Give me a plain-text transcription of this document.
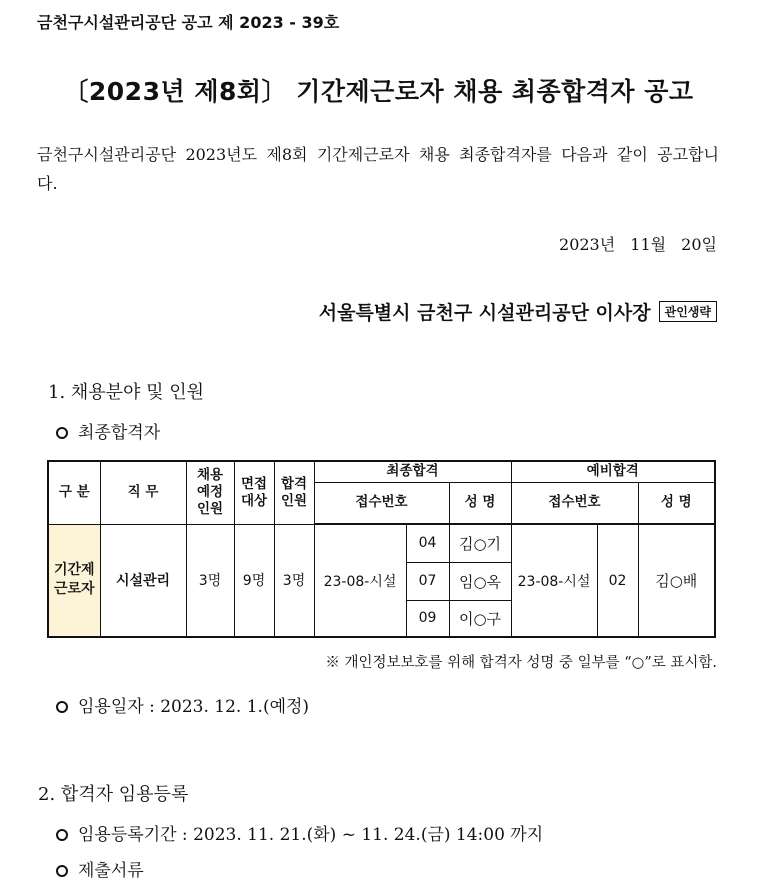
금천구시설관리공단 공고 제 2023 - 39호
〔2023년 제8회〕 기간제근로자 채용 최종합격자 공고
금천구시설관리공단 2023년도 제8회 기간제근로자 채용 최종합격자를 다음과 같이 공고합니다.
2023년 11월 20일
서울특별시 금천구 시설관리공단 이사장 관인생략
1. 채용분야 및 인원
최종합격자
구 분	직 무	채용 예정 인원	면접 대상	합격 인원	최종합격			예비합격		
					접수번호		성 명	접수번호		성 명
기간제 근로자	시설관리	3명	9명	3명	23-08-시설	04	김○기	23-08-시설	02	김○배
						07	임○옥			
						09	이○구			
※ 개인정보보호를 위해 합격자 성명 중 일부를 “○”로 표시함.
임용일자 : 2023. 12. 1.(예정)
2. 합격자 임용등록
임용등록기간 : 2023. 11. 21.(화) ~ 11. 24.(금) 14:00 까지
제출서류
